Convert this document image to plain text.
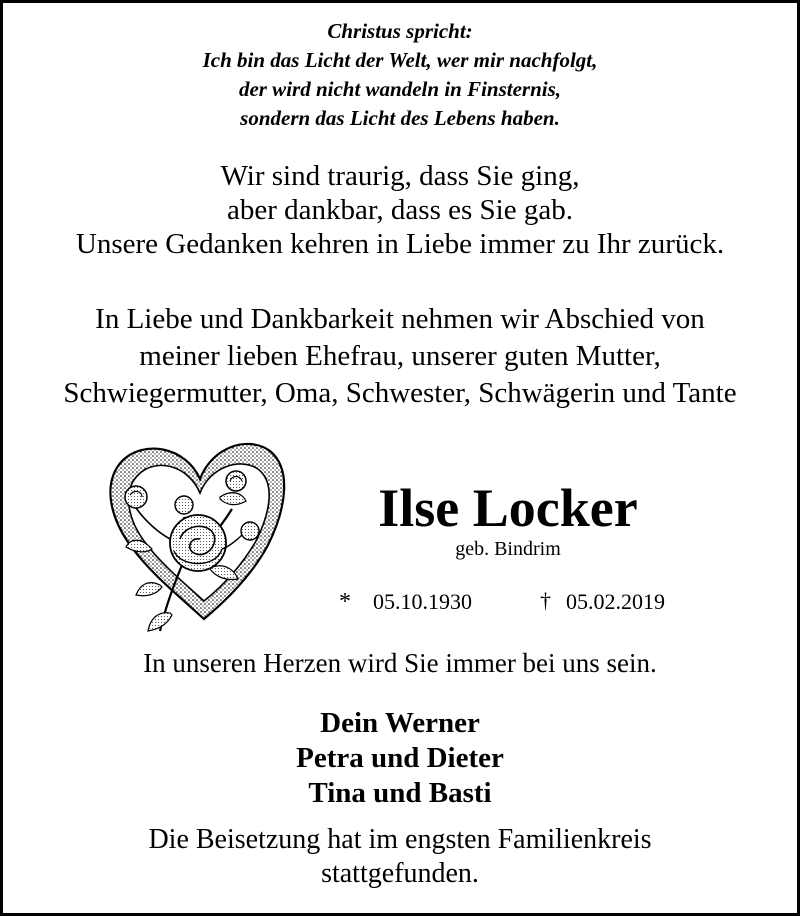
Christus spricht:
Ich bin das Licht der Welt, wer mir nachfolgt,
der wird nicht wandeln in Finsternis,
sondern das Licht des Lebens haben.
Wir sind traurig, dass Sie ging,
aber dankbar, dass es Sie gab.
Unsere Gedanken kehren in Liebe immer zu Ihr zurück.
In Liebe und Dankbarkeit nehmen wir Abschied von
meiner lieben Ehefrau, unserer guten Mutter,
Schwiegermutter, Oma, Schwester, Schwägerin und Tante
Ilse Locker
geb. Bindrim
* 05.10.1930	† 05.02.2019
In unseren Herzen wird Sie immer bei uns sein.
Dein Werner
Petra und Dieter
Tina und Basti
Die Beisetzung hat im engsten Familienkreis
stattgefunden.
